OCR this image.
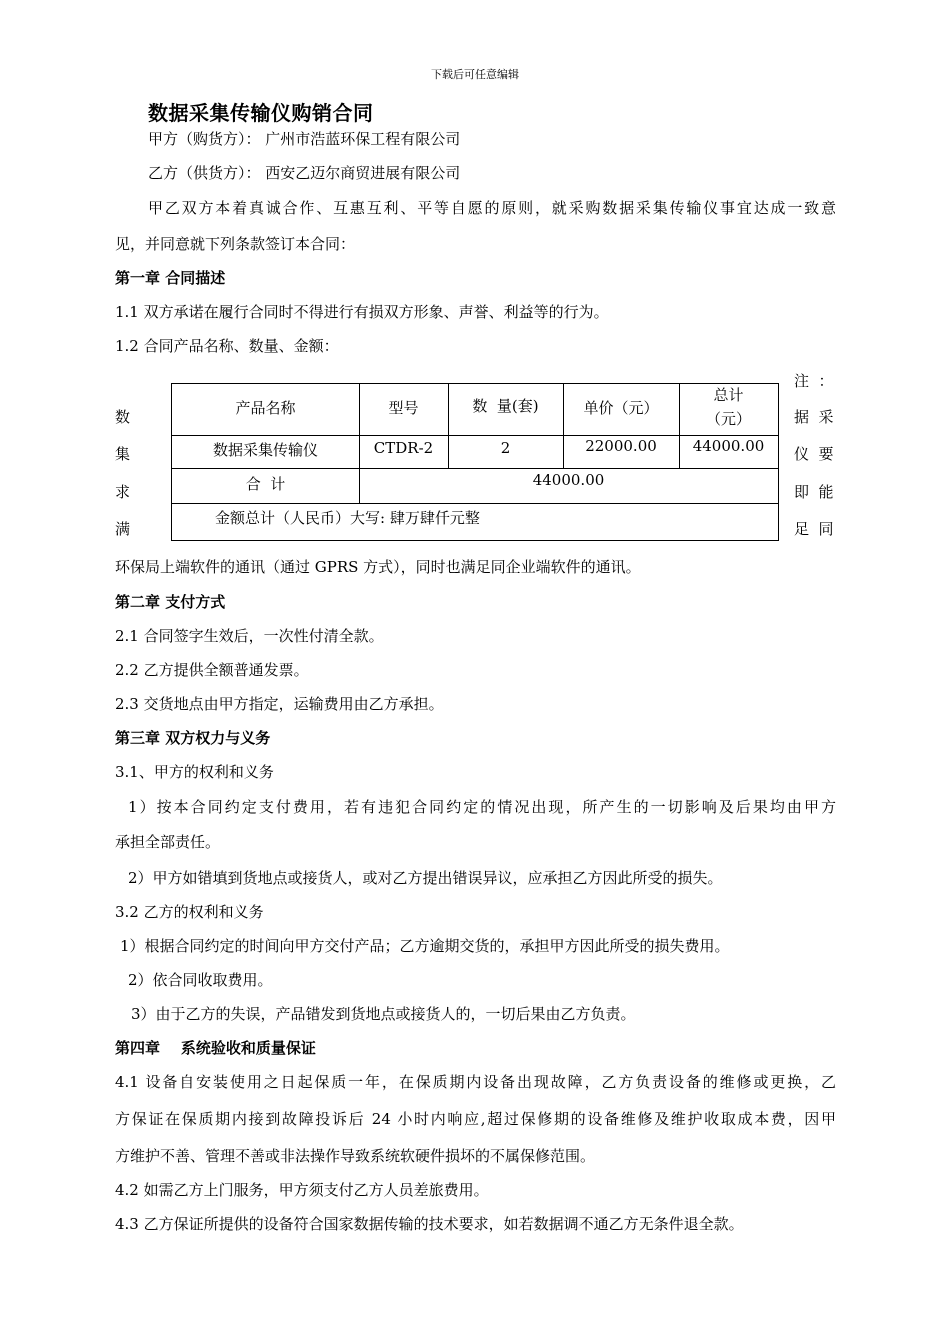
下载后可任意编辑
数据采集传输仪购销合同
甲方（购货方）： 广州市浩蓝环保工程有限公司
乙方（供货方）： 西安乙迈尔商贸进展有限公司
甲乙双方本着真诚合作、互惠互利、平等自愿的原则，就采购数据采集传输仪事宜达成一致意
见，并同意就下列条款签订本合同：
第一章 合同描述
1.1 双方承诺在履行合同时不得进行有损双方形象、声誉、利益等的行为。
1.2 合同产品名称、数量、金额：
数
集
求
满
注  ：
据  采
仪  要
即  能
足  同
产品名称	型号	数  量(套)	单价（元）
总计
（元）
数据采集传输仪	CTDR-2	2	22000.00	44000.00
合  计	44000.00
金额总计（人民币）大写: 肆万肆仟元整
环保局上端软件的通讯（通过 GPRS 方式），同时也满足同企业端软件的通讯。
第二章 支付方式
2.1 合同签字生效后，一次性付清全款。
2.2 乙方提供全额普通发票。
2.3 交货地点由甲方指定，运输费用由乙方承担。
第三章 双方权力与义务
3.1、甲方的权利和义务
1）按本合同约定支付费用，若有违犯合同约定的情况出现，所产生的一切影响及后果均由甲方
承担全部责任。
2）甲方如错填到货地点或接货人，或对乙方提出错误异议，应承担乙方因此所受的损失。
3.2 乙方的权利和义务
1）根据合同约定的时间向甲方交付产品；乙方逾期交货的，承担甲方因此所受的损失费用。
2）依合同收取费用。
3）由于乙方的失误，产品错发到货地点或接货人的，一切后果由乙方负责。
第四章    系统验收和质量保证
4.1 设备自安装使用之日起保质一年，在保质期内设备出现故障，乙方负责设备的维修或更换，乙
方保证在保质期内接到故障投诉后 24 小时内响应,超过保修期的设备维修及维护收取成本费，因甲
方维护不善、管理不善或非法操作导致系统软硬件损坏的不属保修范围。
4.2 如需乙方上门服务，甲方须支付乙方人员差旅费用。
4.3 乙方保证所提供的设备符合国家数据传输的技术要求，如若数据调不通乙方无条件退全款。
